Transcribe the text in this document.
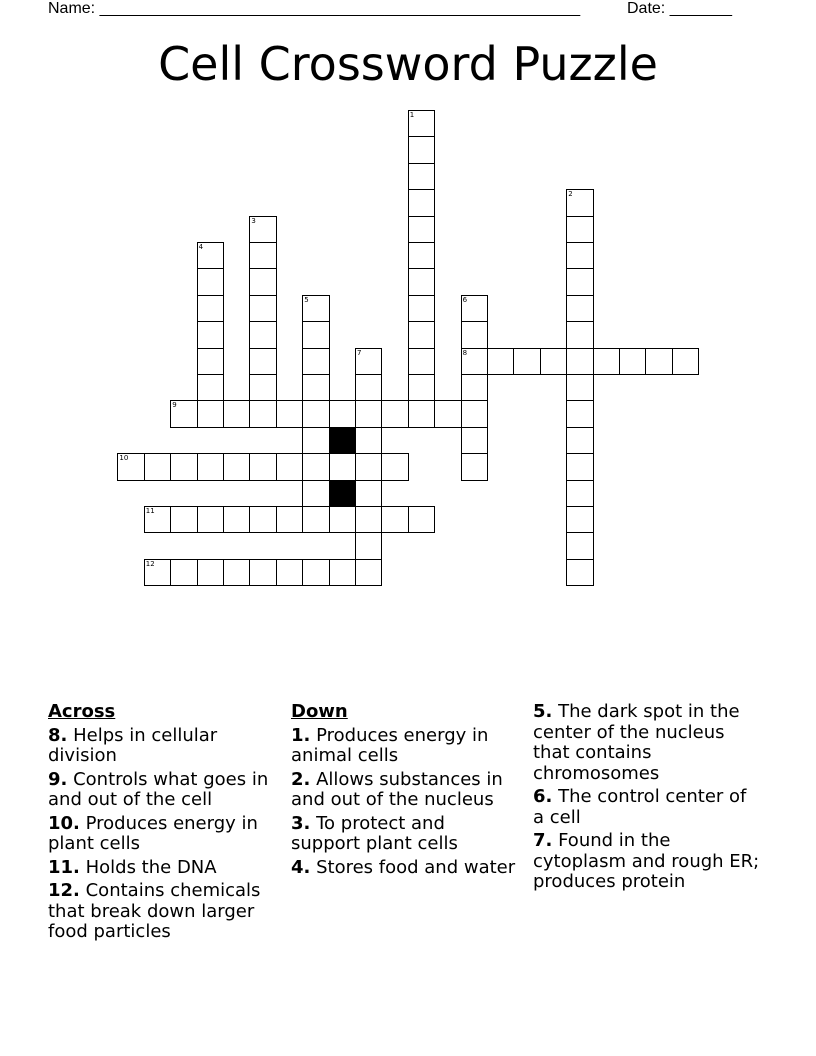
Name: ______________________________________________________	Date: _______
Cell Crossword Puzzle
1
2
3
4
5	6
8
7
9
10
11
12
Across
8. Helps in cellular division
9. Controls what goes in and out of the cell
10. Produces energy in plant cells
11. Holds the DNA
12. Contains chemicals that break down larger food particles
Down
1. Produces energy in animal cells
2. Allows substances in and out of the nucleus
3. To protect and support plant cells
4. Stores food and water
5. The dark spot in the center of the nucleus that contains chromosomes
6. The control center of a cell
7. Found in the cytoplasm and rough ER; produces protein
